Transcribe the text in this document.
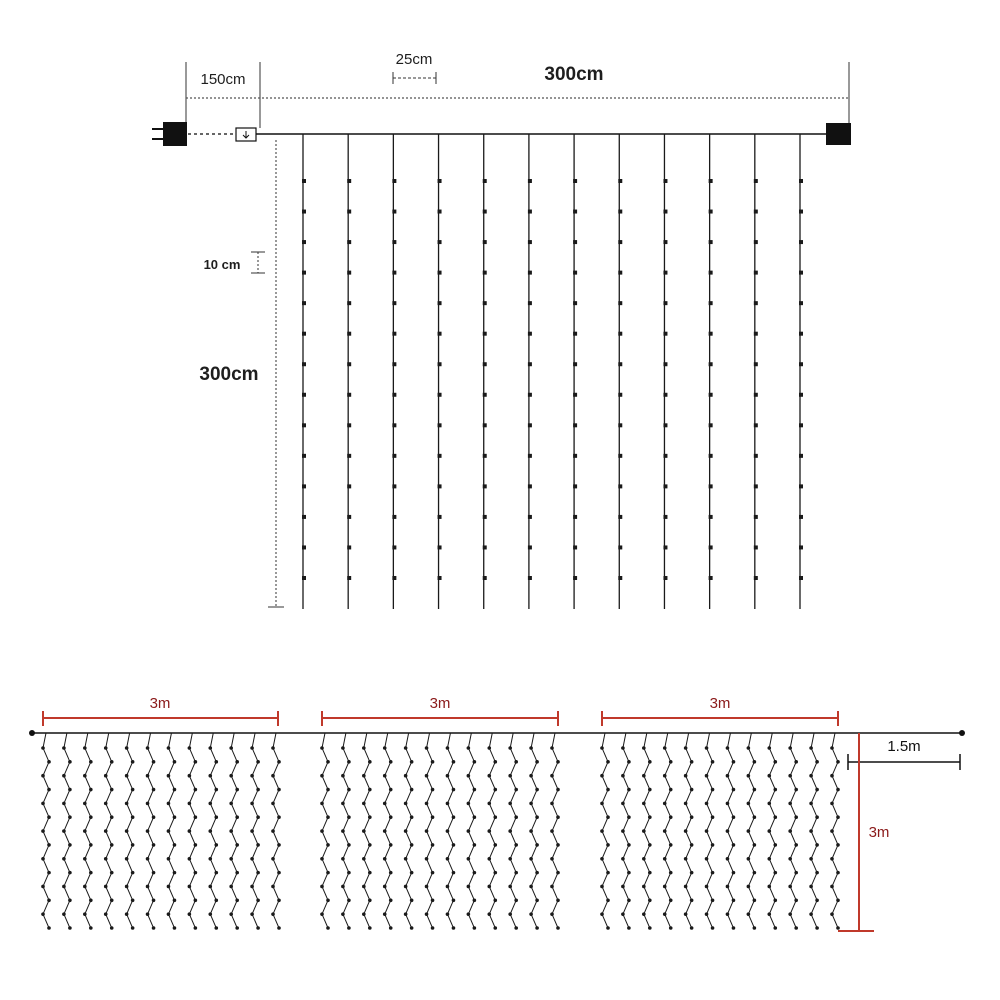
150cm
25cm
300cm
10 cm
300cm
3m	3m	3m
1.5m
3m
